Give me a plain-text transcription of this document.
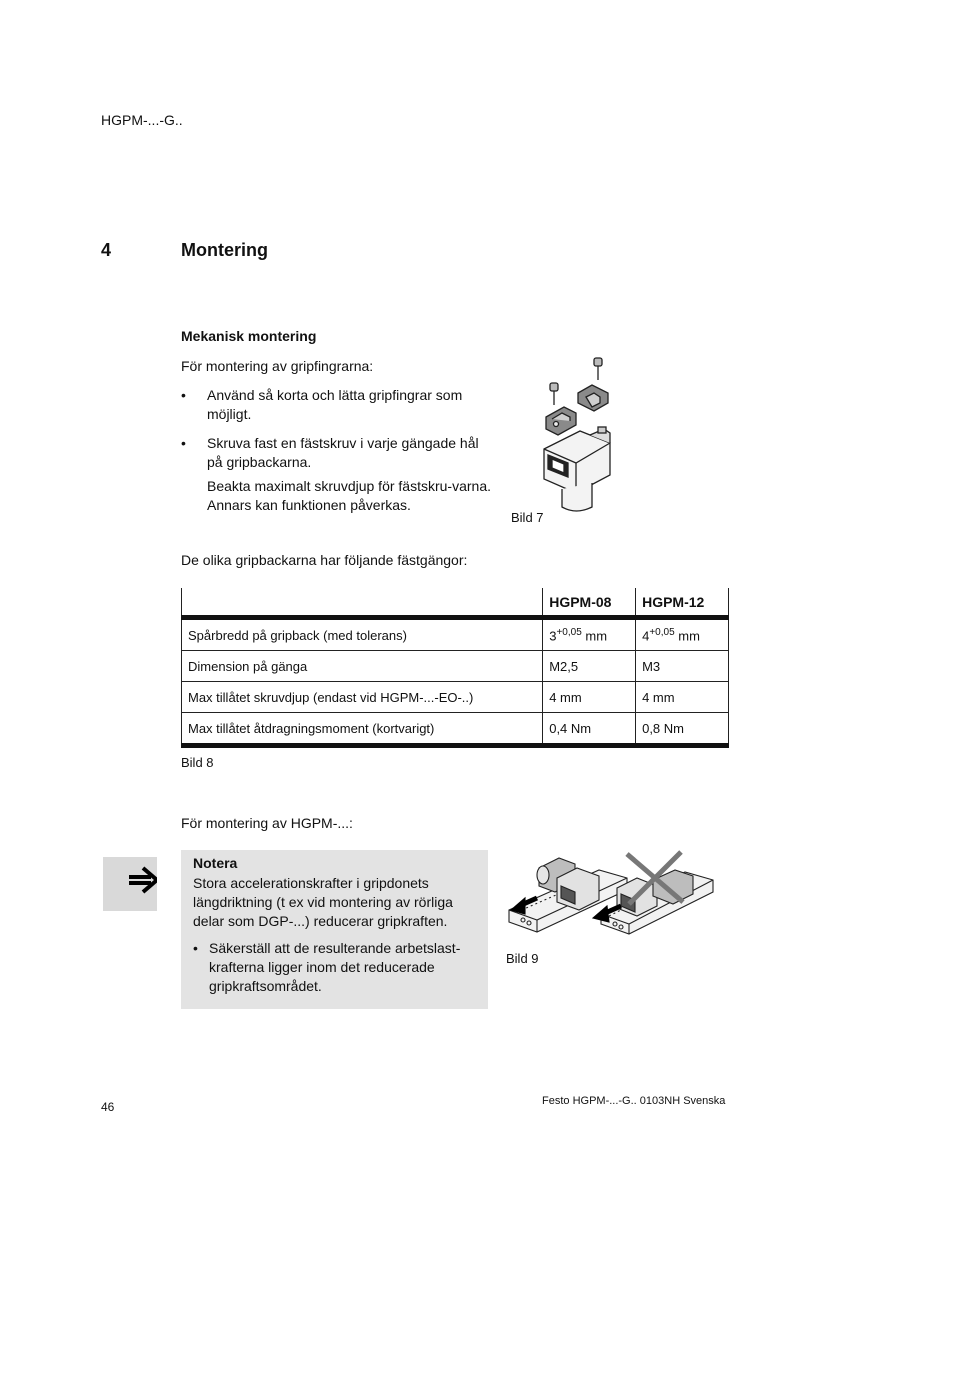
HGPM-...-G..
4	Montering
Mekanisk montering
För montering av gripfingrarna:
• Använd så korta och lätta gripfingrar som möjligt.
• Skruva fast en fästskruv i varje gängade hål på gripbackarna.
Beakta maximalt skruvdjup för fästskru-varna. Annars kan funktionen påverkas.
Bild 7
De olika gripbackarna har följande fästgängor:
	HGPM-08	HGPM-12
Spårbredd på gripback (med tolerans)	$3^{+0,05}$ mm	$4^{+0,05}$ mm
Dimension på gänga	M2,5	M3
Max tillåtet skruvdjup (endast vid HGPM-...-EO-..)	4 mm	4 mm
Max tillåtet åtdragningsmoment (kortvarigt)	0,4 Nm	0,8 Nm
Bild 8
För montering av HGPM-...:
Notera
Stora accelerationskrafter i gripdonets längdriktning (t ex vid montering av rörliga delar som DGP-...) reducerar gripkraften.
• Säkerställ att de resulterande arbetslast-krafterna ligger inom det reducerade gripkraftsområdet.
Bild 9
46	Festo HGPM-...-G.. 0103NH Svenska
